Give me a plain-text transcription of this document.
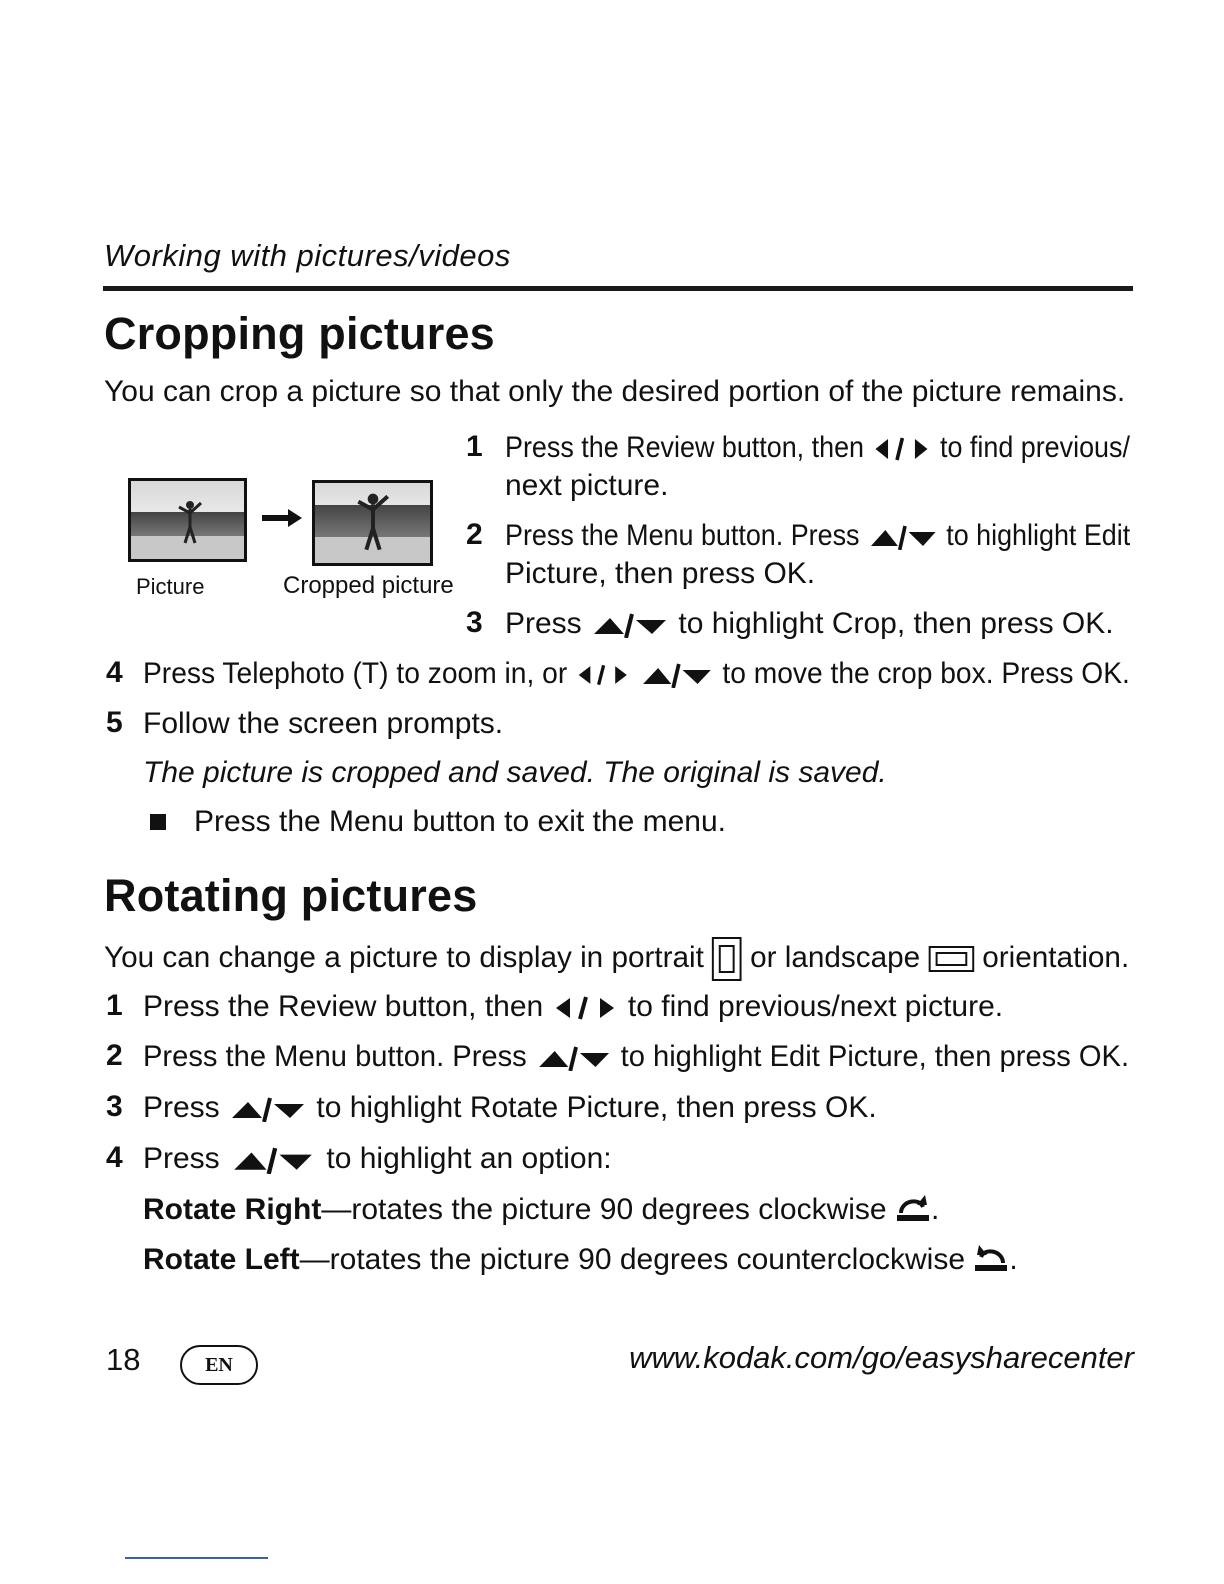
Working with pictures/videos
Cropping pictures
You can crop a picture so that only the desired portion of the picture remains.
Picture	Cropped picture
1 Press the Review button, then	to find previous/
next picture.
2 Press the Menu button. Press	to highlight Edit
Picture, then press OK.
3 Press	to highlight Crop, then press OK.
4 Press Telephoto (T) to zoom in, or
	to move the crop box. Press OK.
5 Follow the screen prompts.
The picture is cropped and saved. The original is saved.
Press the Menu button to exit the menu.
Rotating pictures
You can change a picture to display in portrait or landscape orientation.
1 Press the Review button, then	to find previous/next picture.
2 Press the Menu button. Press	to highlight Edit Picture, then press OK.
3 Press	to highlight Rotate Picture, then press OK.
4 Press	to highlight an option:
Rotate Right—rotates the picture 90 degrees clockwise .
Rotate Left—rotates the picture 90 degrees counterclockwise .
18	EN	www.kodak.com/go/easysharecenter
